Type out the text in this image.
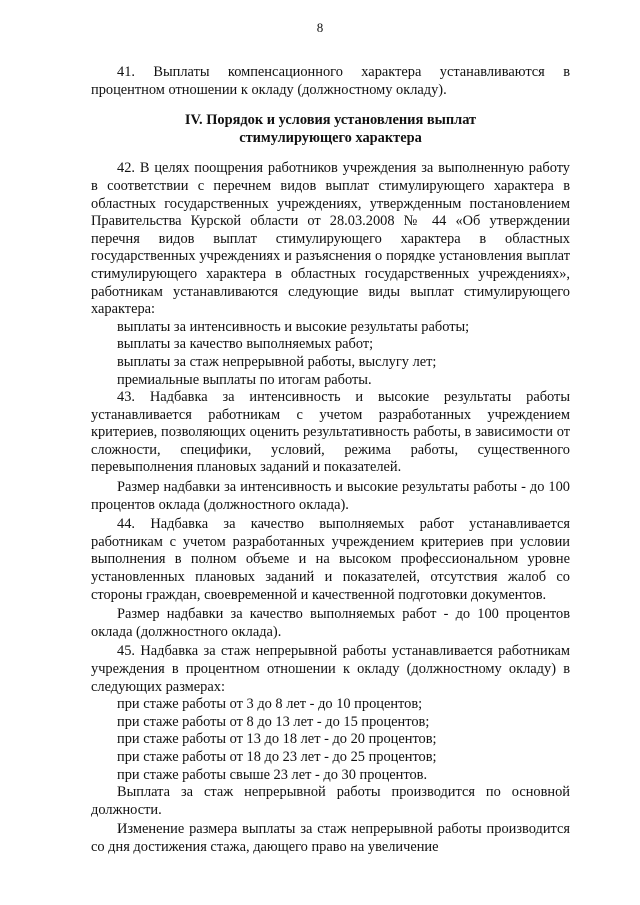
8

41. Выплаты компенсационного характера устанавливаются в процентном отношении к окладу (должностному окладу).

IV. Порядок и условия установления выплат
стимулирующего характера

42. В целях поощрения работников учреждения за выполненную работу в соответствии с перечнем видов выплат стимулирующего характера в областных государственных учреждениях, утвержденным постановлением Правительства Курской области от 28.03.2008 № 44 «Об утверждении перечня видов выплат стимулирующего характера в областных государственных учреждениях и разъяснения о порядке установления выплат стимулирующего характера в областных государственных учреждениях», работникам устанавливаются следующие виды выплат стимулирующего характера:

выплаты за интенсивность и высокие результаты работы;
выплаты за качество выполняемых работ;
выплаты за стаж непрерывной работы, выслугу лет;
премиальные выплаты по итогам работы.

43. Надбавка за интенсивность и высокие результаты работы устанавливается работникам с учетом разработанных учреждением критериев, позволяющих оценить результативность работы, в зависимости от сложности, специфики, условий, режима работы, существенного перевыполнения плановых заданий и показателей.

Размер надбавки за интенсивность и высокие результаты работы - до 100 процентов оклада (должностного оклада).

44. Надбавка за качество выполняемых работ устанавливается работникам с учетом разработанных учреждением критериев при условии выполнения в полном объеме и на высоком профессиональном уровне установленных плановых заданий и показателей, отсутствия жалоб со стороны граждан, своевременной и качественной подготовки документов.

Размер надбавки за качество выполняемых работ - до 100 процентов оклада (должностного оклада).

45. Надбавка за стаж непрерывной работы устанавливается работникам учреждения в процентном отношении к окладу (должностному окладу) в следующих размерах:

при стаже работы от 3 до 8 лет - до 10 процентов;
при стаже работы от 8 до 13 лет - до 15 процентов;
при стаже работы от 13 до 18 лет - до 20 процентов;
при стаже работы от 18 до 23 лет - до 25 процентов;
при стаже работы свыше 23 лет - до 30 процентов.

Выплата за стаж непрерывной работы производится по основной должности.

Изменение размера выплаты за стаж непрерывной работы производится со дня достижения стажа, дающего право на увеличение
